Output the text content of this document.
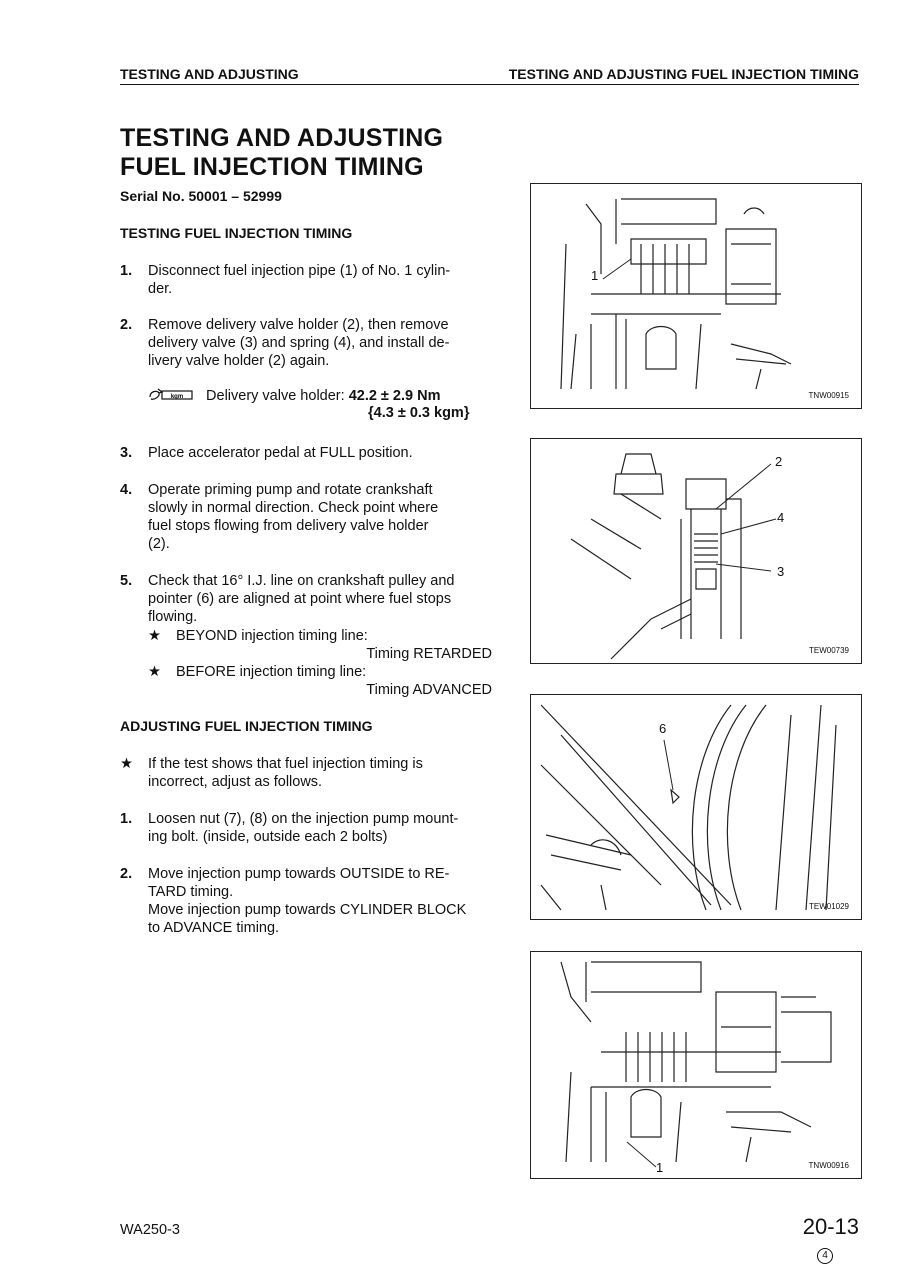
TESTING AND ADJUSTING	TESTING AND ADJUSTING FUEL INJECTION TIMING
TESTING AND ADJUSTING
FUEL INJECTION TIMING
Serial No. 50001 – 52999
TESTING FUEL INJECTION TIMING
1. Disconnect fuel injection pipe (1) of No. 1 cylin-
der.
2. Remove delivery valve holder (2), then remove
delivery valve (3) and spring (4), and install de-
livery valve holder (2) again.
kgm Delivery valve holder: 42.2 ± 2.9 Nm
{4.3 ± 0.3 kgm}
3. Place accelerator pedal at FULL position.
4. Operate priming pump and rotate crankshaft
slowly in normal direction. Check point where
fuel stops flowing from delivery valve holder
(2).
5. Check that 16° I.J. line on crankshaft pulley and
pointer (6) are aligned at point where fuel stops
flowing.
★ BEYOND injection timing line:
Timing RETARDED
★ BEFORE injection timing line:
Timing ADVANCED
ADJUSTING FUEL INJECTION TIMING
★ If the test shows that fuel injection timing is
incorrect, adjust as follows.
1. Loosen nut (7), (8) on the injection pump mount-
ing bolt. (inside, outside each 2 bolts)
2. Move injection pump towards OUTSIDE to RE-
TARD timing.
Move injection pump towards CYLINDER BLOCK
to ADVANCE timing.
1
TNW00915
2
4
3
TEW00739
6
TEW01029
1	TNW00916
WA250-3	20-13
4
